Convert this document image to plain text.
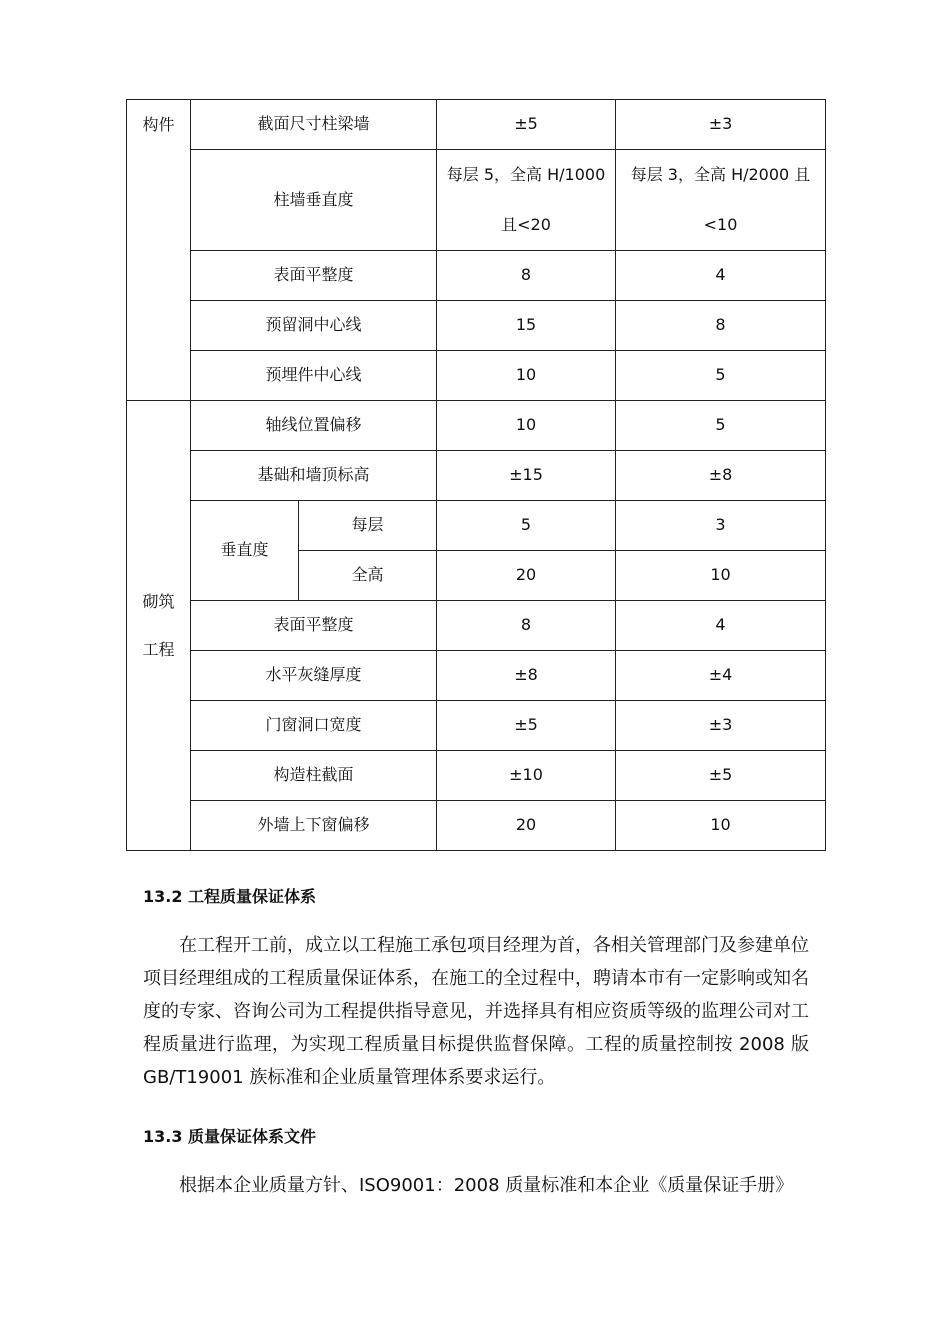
构件	截面尺寸柱梁墙		±5	±3
	柱墙垂直度		每层 5，全高 H/1000 且<20	每层 3，全高 H/2000 且<10
	表面平整度		8	4
	预留洞中心线		15	8
	预埋件中心线		10	5

砌筑
工程	轴线位置偏移		10	5
	基础和墙顶标高		±15	±8
	垂直度	每层	5	3
		全高	20	10
	表面平整度		8	4
	水平灰缝厚度		±8	±4
	门窗洞口宽度		±5	±3
	构造柱截面		±10	±5
	外墙上下窗偏移		20	10
13.2 工程质量保证体系

在工程开工前，成立以工程施工承包项目经理为首，各相关管理部门及参建单位项目经理组成的工程质量保证体系，在施工的全过程中，聘请本市有一定影响或知名度的专家、咨询公司为工程提供指导意见，并选择具有相应资质等级的监理公司对工程质量进行监理，为实现工程质量目标提供监督保障。工程的质量控制按 2008 版 GB/T19001 族标准和企业质量管理体系要求运行。

13.3 质量保证体系文件

根据本企业质量方针、ISO9001：2008 质量标准和本企业《质量保证手册》
